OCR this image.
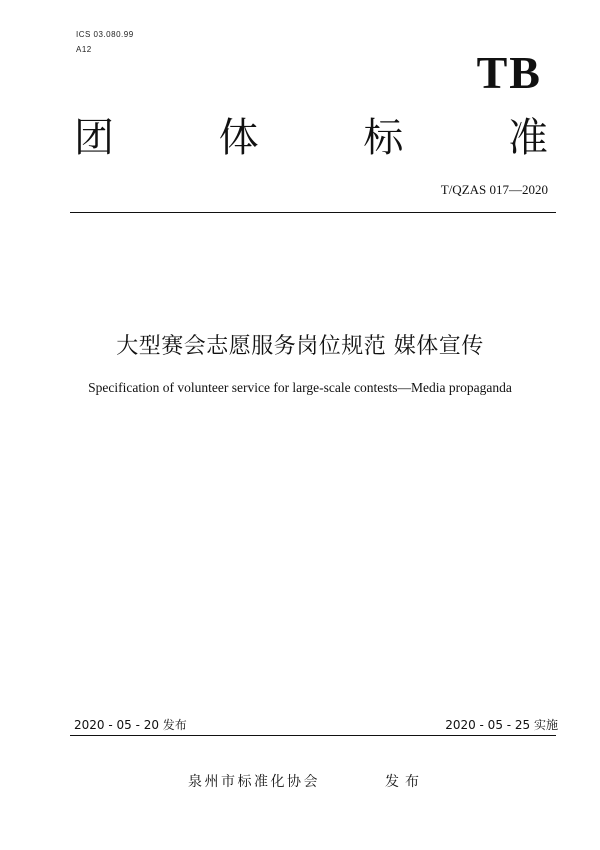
ICS 03.080.99
A12	TB
团	体	标	准
T/QZAS 017—2020
大型赛会志愿服务岗位规范 媒体宣传
Specification of volunteer service for large-scale contests—Media propaganda
2020 - 05 - 20 发布	2020 - 05 - 25 实施
泉州市标准化协会	发布
